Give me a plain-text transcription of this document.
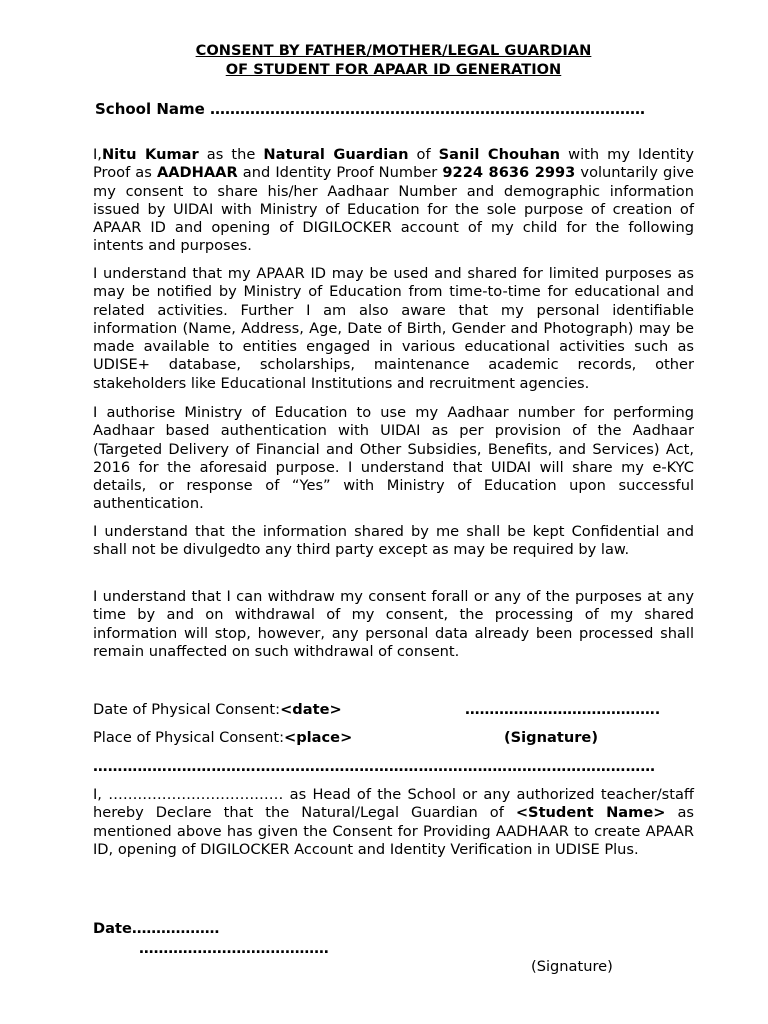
CONSENT BY FATHER/MOTHER/LEGAL GUARDIAN

OF STUDENT FOR APAAR ID GENERATION

School Name ……………………………………………………………………………

I,Nitu Kumar as the Natural Guardian of Sanil Chouhan with my Identity Proof as AADHAAR and Identity Proof Number 9224 8636 2993 voluntarily give my consent to share his/her Aadhaar Number and demographic information issued by UIDAI with Ministry of Education for the sole purpose of creation of APAAR ID and opening of DIGILOCKER account of my child for the following intents and purposes.

I understand that my APAAR ID may be used and shared for limited purposes as may be notified by Ministry of Education from time-to-time for educational and related activities. Further I am also aware that my personal identifiable information (Name, Address, Age, Date of Birth, Gender and Photograph) may be made available to entities engaged in various educational activities such as UDISE+ database, scholarships, maintenance academic records, other stakeholders like Educational Institutions and recruitment agencies.

I authorise Ministry of Education to use my Aadhaar number for performing Aadhaar based authentication with UIDAI as per provision of the Aadhaar (Targeted Delivery of Financial and Other Subsidies, Benefits, and Services) Act, 2016 for the aforesaid purpose. I understand that UIDAI will share my e-KYC details, or response of “Yes” with Ministry of Education upon successful authentication.

I understand that the information shared by me shall be kept Confidential and shall not be divulgedto any third party except as may be required by law.

I understand that I can withdraw my consent forall or any of the purposes at any time by and on withdrawal of my consent, the processing of my shared information will stop, however, any personal data already been processed shall remain unaffected on such withdrawal of consent.

Date of Physical Consent:<date>	………………………………….
Place of Physical Consent:<place>	(Signature)
……………………………………………………………………………………………………

I, ……………………………… as Head of the School or any authorized teacher/staff hereby Declare that the Natural/Legal Guardian of <Student Name> as mentioned above has given the Consent for Providing AADHAAR to create APAAR ID, opening of DIGILOCKER Account and Identity Verification in UDISE Plus.

Date………………
…………………………………
(Signature)
